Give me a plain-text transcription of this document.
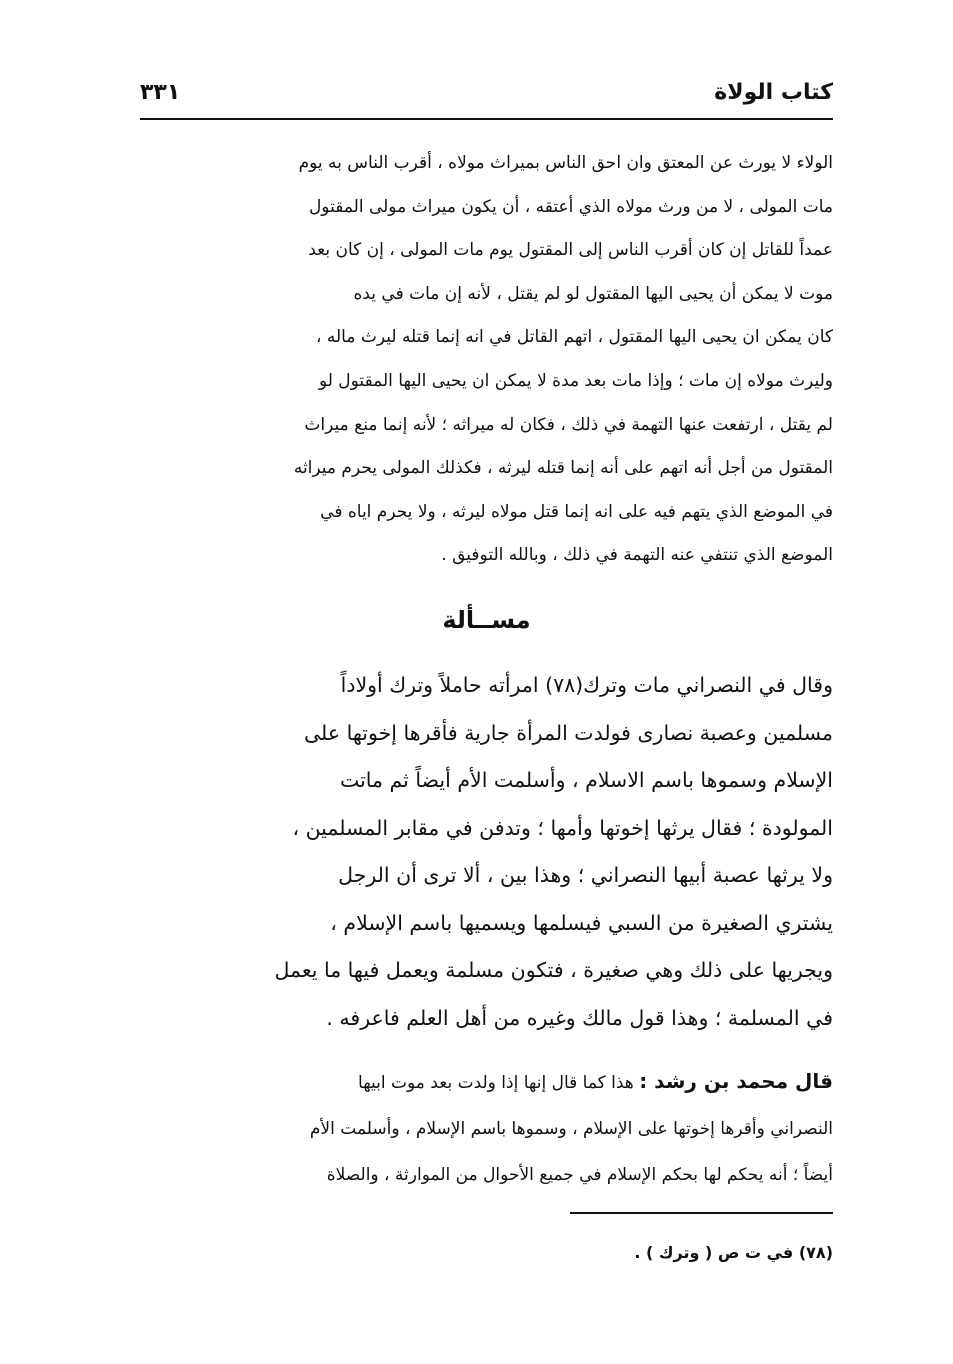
كتاب الولاة
٣٣١
الولاء لا يورث عن المعتق وان احق الناس بميراث مولاه ، أقرب الناس به يوم
مات المولى ، لا من ورث مولاه الذي أعتقه ، أن يكون ميراث مولى المقتول
عمداً للقاتل إن كان أقرب الناس إلى المقتول يوم مات المولى ، إن كان بعد
موت لا يمكن أن يحيى اليها المقتول لو لم يقتل ، لأنه إن مات في يده
كان يمكن ان يحيى اليها المقتول ، اتهم القاتل في انه إنما قتله ليرث ماله ،
وليرث مولاه إن مات ؛ وإذا مات بعد مدة لا يمكن ان يحيى اليها المقتول لو
لم يقتل ، ارتفعت عنها التهمة في ذلك ، فكان له ميراثه ؛ لأنه إنما منع ميراث
المقتول من أجل أنه اتهم على أنه إنما قتله ليرثه ، فكذلك المولى يحرم ميراثه
في الموضع الذي يتهم فيه على انه إنما قتل مولاه ليرثه ، ولا يحرم اياه في
الموضع الذي تنتفي عنه التهمة في ذلك ، وبالله التوفيق .
مســألة
وقال في النصراني مات وترك(٧٨) امرأته حاملاً وترك أولاداً
مسلمين وعصبة نصارى فولدت المرأة جارية فأقرها إخوتها على
الإسلام وسموها باسم الاسلام ، وأسلمت الأم أيضاً ثم ماتت
المولودة ؛ فقال يرثها إخوتها وأمها ؛ وتدفن في مقابر المسلمين ،
ولا يرثها عصبة أبيها النصراني ؛ وهذا بين ، ألا ترى أن الرجل
يشتري الصغيرة من السبي فيسلمها ويسميها باسم الإسلام ،
ويجريها على ذلك وهي صغيرة ، فتكون مسلمة ويعمل فيها ما يعمل
في المسلمة ؛ وهذا قول مالك وغيره من أهل العلم فاعرفه .
قال محمد بن رشد : هذا كما قال إنها إذا ولدت بعد موت ابيها
النصراني وأقرها إخوتها على الإسلام ، وسموها باسم الإسلام ، وأسلمت الأم
أيضاً ؛ أنه يحكم لها بحكم الإسلام في جميع الأحوال من الموارثة ، والصلاة
(٧٨) في ت ص ( وترك ) .
